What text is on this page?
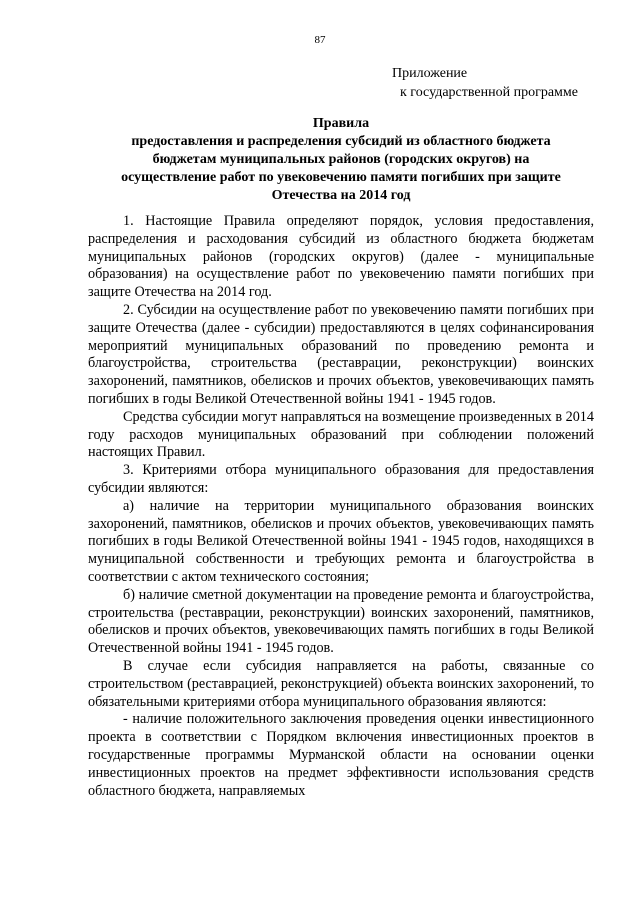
87
Приложение
к государственной программе
Правила
предоставления и распределения субсидий из областного бюджета
бюджетам муниципальных районов (городских округов) на
осуществление работ по увековечению памяти погибших при защите
Отечества на 2014 год

1. Настоящие Правила определяют порядок, условия предоставления, распределения и расходования субсидий из областного бюджета бюджетам муниципальных районов (городских округов) (далее - муниципальные образования) на осуществление работ по увековечению памяти погибших при защите Отечества на 2014 год.

2. Субсидии на осуществление работ по увековечению памяти погибших при защите Отечества (далее - субсидии) предоставляются в целях софинансирования мероприятий муниципальных образований по проведению ремонта и благоустройства, строительства (реставрации, реконструкции) воинских захоронений, памятников, обелисков и прочих объектов, увековечивающих память погибших в годы Великой Отечественной войны 1941 - 1945 годов.

Средства субсидии могут направляться на возмещение произведенных в 2014 году расходов муниципальных образований при соблюдении положений настоящих Правил.

3. Критериями отбора муниципального образования для предоставления субсидии являются:

а) наличие на территории муниципального образования воинских захоронений, памятников, обелисков и прочих объектов, увековечивающих память погибших в годы Великой Отечественной войны 1941 - 1945 годов, находящихся в муниципальной собственности и требующих ремонта и благоустройства в соответствии с актом технического состояния;

б) наличие сметной документации на проведение ремонта и благоустройства, строительства (реставрации, реконструкции) воинских захоронений, памятников, обелисков и прочих объектов, увековечивающих память погибших в годы Великой Отечественной войны 1941 - 1945 годов.

В случае если субсидия направляется на работы, связанные со строительством (реставрацией, реконструкцией) объекта воинских захоронений, то обязательными критериями отбора муниципального образования являются:

- наличие положительного заключения проведения оценки инвестиционного проекта в соответствии с Порядком включения инвестиционных проектов в государственные программы Мурманской области на основании оценки инвестиционных проектов на предмет эффективности использования средств областного бюджета, направляемых
